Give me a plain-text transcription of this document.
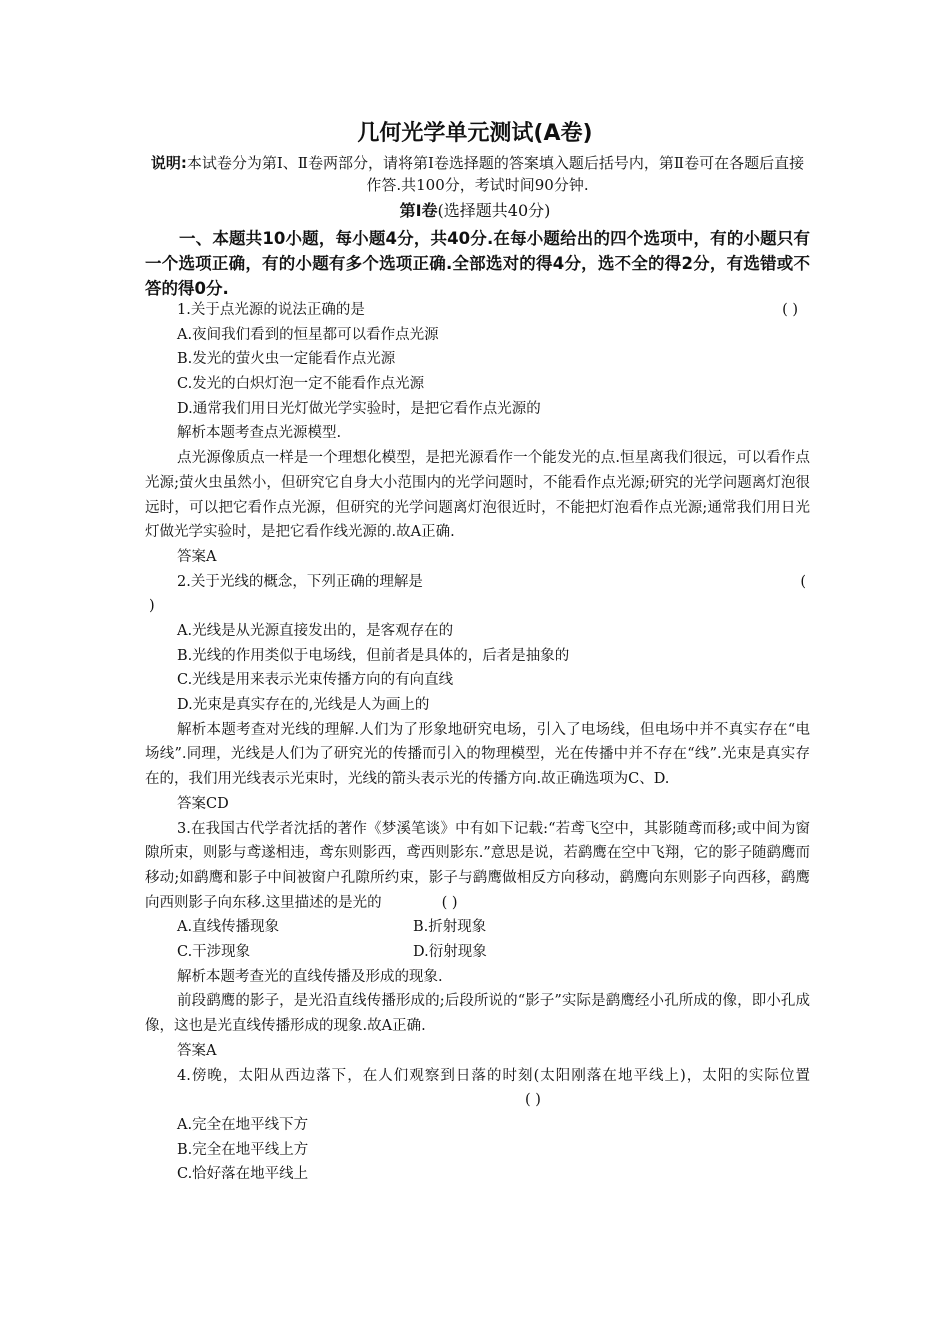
几何光学单元测试(A卷)
说明:本试卷分为第Ⅰ、Ⅱ卷两部分，请将第Ⅰ卷选择题的答案填入题后括号内，第Ⅱ卷可在各题后直接作答.共100分，考试时间90分钟.
第Ⅰ卷(选择题共40分)
一、本题共10小题，每小题4分，共40分.在每小题给出的四个选项中，有的小题只有一个选项正确，有的小题有多个选项正确.全部选对的得4分，选不全的得2分，有选错或不答的得0分.
1.关于点光源的说法正确的是	( )
A.夜间我们看到的恒星都可以看作点光源
B.发光的萤火虫一定能看作点光源
C.发光的白炽灯泡一定不能看作点光源
D.通常我们用日光灯做光学实验时，是把它看作点光源的
解析本题考查点光源模型.
点光源像质点一样是一个理想化模型，是把光源看作一个能发光的点.恒星离我们很远，可以看作点光源;萤火虫虽然小，但研究它自身大小范围内的光学问题时，不能看作点光源;研究的光学问题离灯泡很远时，可以把它看作点光源，但研究的光学问题离灯泡很近时，不能把灯泡看作点光源;通常我们用日光灯做光学实验时，是把它看作线光源的.故A正确.
答案A
2.关于光线的概念，下列正确的理解是	(
)
A.光线是从光源直接发出的，是客观存在的
B.光线的作用类似于电场线，但前者是具体的，后者是抽象的
C.光线是用来表示光束传播方向的有向直线
D.光束是真实存在的,光线是人为画上的
解析本题考查对光线的理解.人们为了形象地研究电场，引入了电场线，但电场中并不真实存在“电场线”.同理，光线是人们为了研究光的传播而引入的物理模型，光在传播中并不存在“线”.光束是真实存在的，我们用光线表示光束时，光线的箭头表示光的传播方向.故正确选项为C、D.
答案CD
3.在我国古代学者沈括的著作《梦溪笔谈》中有如下记载:“若鸢飞空中，其影随鸢而移;或中间为窗隙所束，则影与鸢遂相违，鸢东则影西，鸢西则影东.”意思是说，若鹞鹰在空中飞翔，它的影子随鹞鹰而移动;如鹞鹰和影子中间被窗户孔隙所约束，影子与鹞鹰做相反方向移动，鹞鹰向东则影子向西移，鹞鹰向西则影子向东移.这里描述的是光的	( )
A.直线传播现象	B.折射现象
C.干涉现象	D.衍射现象
解析本题考查光的直线传播及形成的现象.
前段鹞鹰的影子，是光沿直线传播形成的;后段所说的“影子”实际是鹞鹰经小孔所成的像，即小孔成像，这也是光直线传播形成的现象.故A正确.
答案A
4.傍晚，太阳从西边落下，在人们观察到日落的时刻(太阳刚落在地平线上)，太阳的实际位置( )
A.完全在地平线下方
B.完全在地平线上方
C.恰好落在地平线上
